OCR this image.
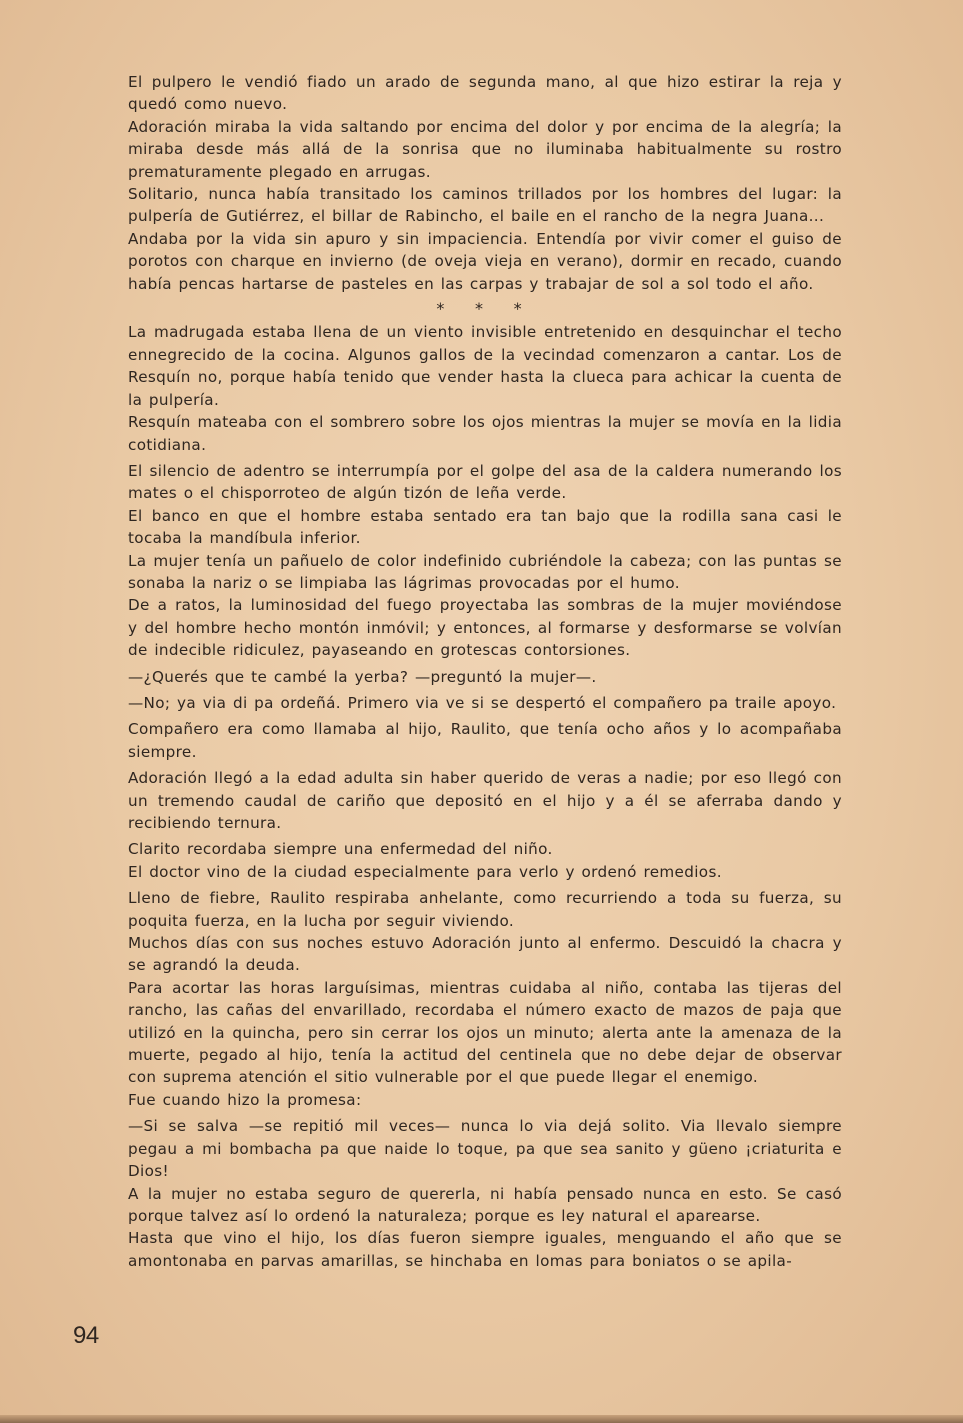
El pulpero le vendió fiado un arado de segunda mano, al que hizo estirar la reja y quedó como nuevo.

Adoración miraba la vida saltando por encima del dolor y por encima de la alegría; la miraba desde más allá de la sonrisa que no iluminaba habitualmente su rostro prematuramente plegado en arrugas.

Solitario, nunca había transitado los caminos trillados por los hombres del lugar: la pulpería de Gutiérrez, el billar de Rabincho, el baile en el rancho de la negra Juana...

Andaba por la vida sin apuro y sin impaciencia. Entendía por vivir comer el guiso de porotos con charque en invierno (de oveja vieja en verano), dormir en recado, cuando había pencas hartarse de pasteles en las carpas y trabajar de sol a sol todo el año.

* * *

La madrugada estaba llena de un viento invisible entretenido en desquinchar el techo ennegrecido de la cocina. Algunos gallos de la vecindad comenzaron a cantar. Los de Resquín no, porque había tenido que vender hasta la clueca para achicar la cuenta de la pulpería.

Resquín mateaba con el sombrero sobre los ojos mientras la mujer se movía en la lidia cotidiana.

El silencio de adentro se interrumpía por el golpe del asa de la caldera numerando los mates o el chisporroteo de algún tizón de leña verde.

El banco en que el hombre estaba sentado era tan bajo que la rodilla sana casi le tocaba la mandíbula inferior.

La mujer tenía un pañuelo de color indefinido cubriéndole la cabeza; con las puntas se sonaba la nariz o se limpiaba las lágrimas provocadas por el humo.

De a ratos, la luminosidad del fuego proyectaba las sombras de la mujer moviéndose y del hombre hecho montón inmóvil; y entonces, al formarse y desformarse se volvían de indecible ridiculez, payaseando en grotescas contorsiones.

—¿Querés que te cambé la yerba? —preguntó la mujer—.

—No; ya via di pa ordeñá. Primero via ve si se despertó el compañero pa traile apoyo.

Compañero era como llamaba al hijo, Raulito, que tenía ocho años y lo acompañaba siempre.

Adoración llegó a la edad adulta sin haber querido de veras a nadie; por eso llegó con un tremendo caudal de cariño que depositó en el hijo y a él se aferraba dando y recibiendo ternura.

Clarito recordaba siempre una enfermedad del niño.

El doctor vino de la ciudad especialmente para verlo y ordenó remedios.

Lleno de fiebre, Raulito respiraba anhelante, como recurriendo a toda su fuerza, su poquita fuerza, en la lucha por seguir viviendo.

Muchos días con sus noches estuvo Adoración junto al enfermo. Descuidó la chacra y se agrandó la deuda.

Para acortar las horas larguísimas, mientras cuidaba al niño, contaba las tijeras del rancho, las cañas del envarillado, recordaba el número exacto de mazos de paja que utilizó en la quincha, pero sin cerrar los ojos un minuto; alerta ante la amenaza de la muerte, pegado al hijo, tenía la actitud del centinela que no debe dejar de observar con suprema atención el sitio vulnerable por el que puede llegar el enemigo.

Fue cuando hizo la promesa:

—Si se salva —se repitió mil veces— nunca lo via dejá solito. Via llevalo siempre pegau a mi bombacha pa que naide lo toque, pa que sea sanito y güeno ¡criaturita e Dios!

A la mujer no estaba seguro de quererla, ni había pensado nunca en esto. Se casó porque talvez así lo ordenó la naturaleza; porque es ley natural el aparearse.

Hasta que vino el hijo, los días fueron siempre iguales, menguando el año que se amontonaba en parvas amarillas, se hinchaba en lomas para boniatos o se apila-

94
